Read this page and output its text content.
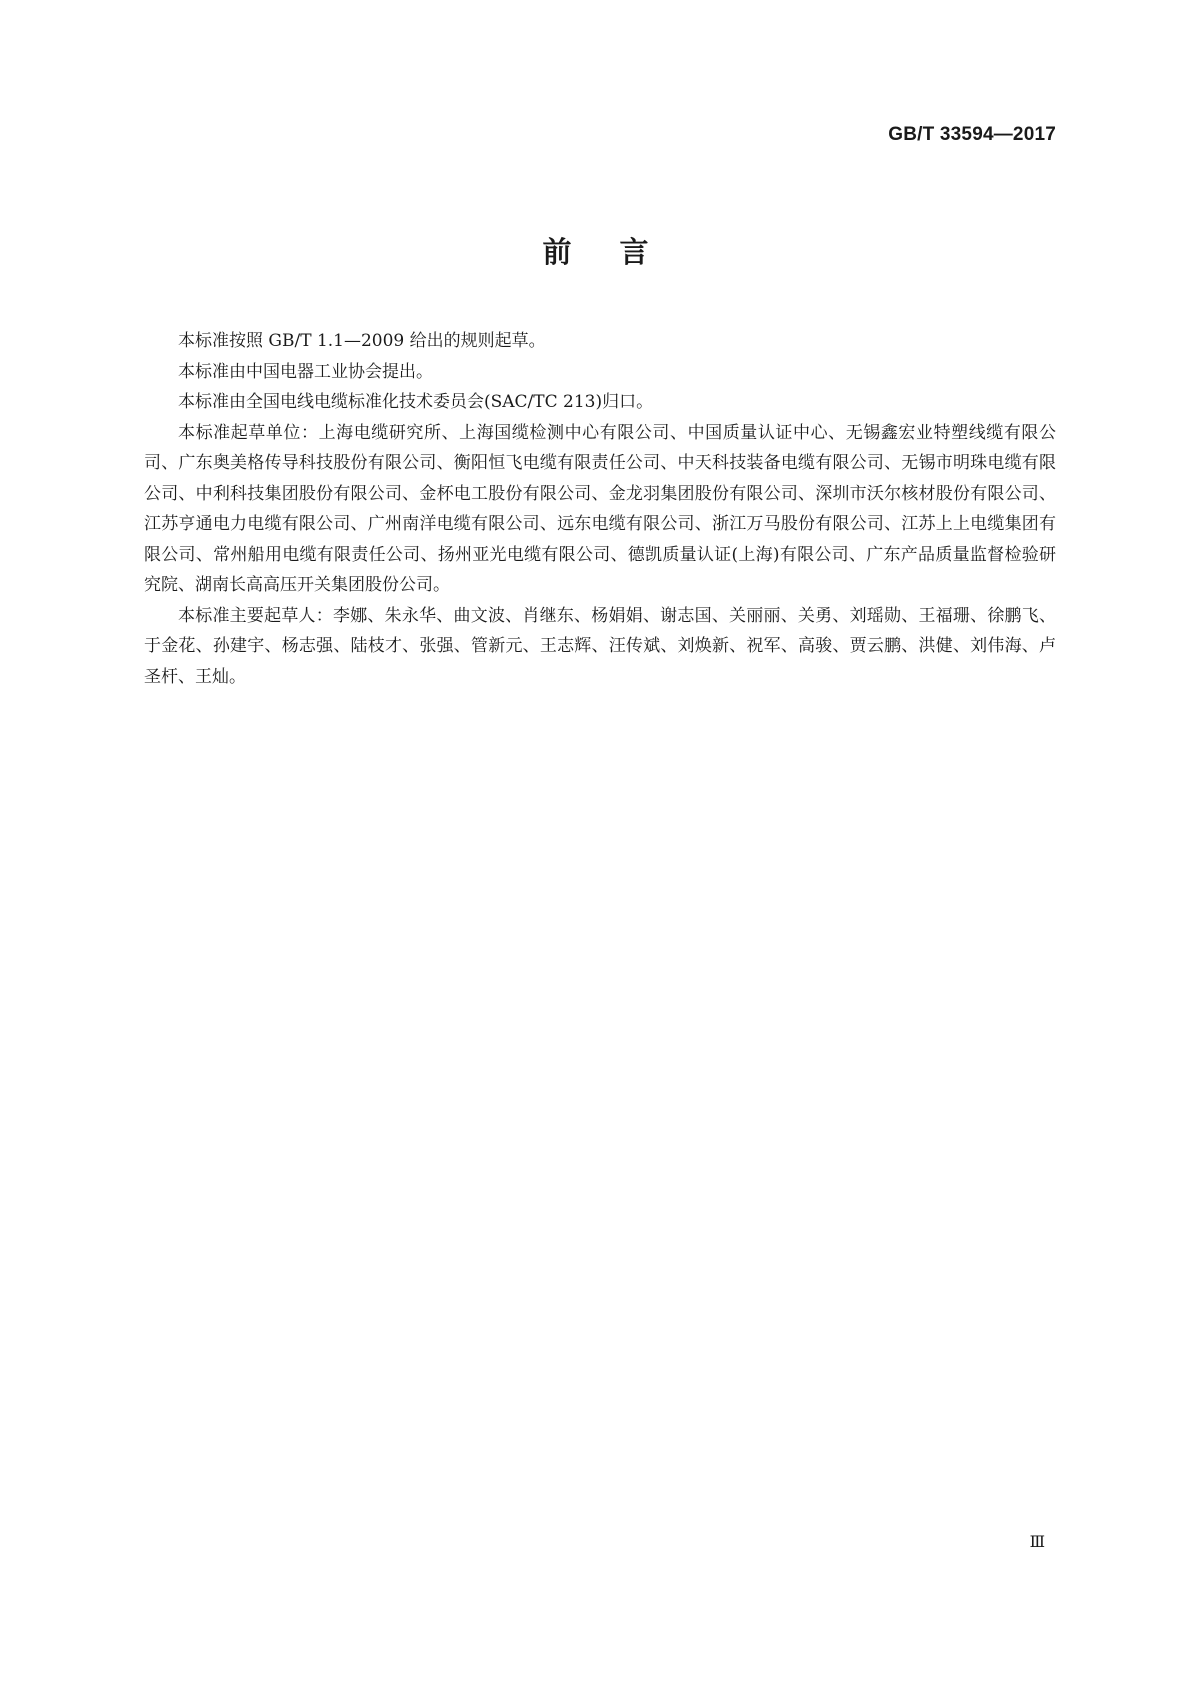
GB/T 33594—2017
前言

本标准按照 GB/T 1.1—2009 给出的规则起草。

本标准由中国电器工业协会提出。

本标准由全国电线电缆标准化技术委员会(SAC/TC 213)归口。

本标准起草单位：上海电缆研究所、上海国缆检测中心有限公司、中国质量认证中心、无锡鑫宏业特塑线缆有限公司、广东奥美格传导科技股份有限公司、衡阳恒飞电缆有限责任公司、中天科技装备电缆有限公司、无锡市明珠电缆有限公司、中利科技集团股份有限公司、金杯电工股份有限公司、金龙羽集团股份有限公司、深圳市沃尔核材股份有限公司、江苏亨通电力电缆有限公司、广州南洋电缆有限公司、远东电缆有限公司、浙江万马股份有限公司、江苏上上电缆集团有限公司、常州船用电缆有限责任公司、扬州亚光电缆有限公司、德凯质量认证(上海)有限公司、广东产品质量监督检验研究院、湖南长高高压开关集团股份公司。

本标准主要起草人：李娜、朱永华、曲文波、肖继东、杨娟娟、谢志国、关丽丽、关勇、刘瑶勋、王福珊、徐鹏飞、于金花、孙建宇、杨志强、陆枝才、张强、管新元、王志辉、汪传斌、刘焕新、祝军、高骏、贾云鹏、洪健、刘伟海、卢圣杆、王灿。

Ⅲ
